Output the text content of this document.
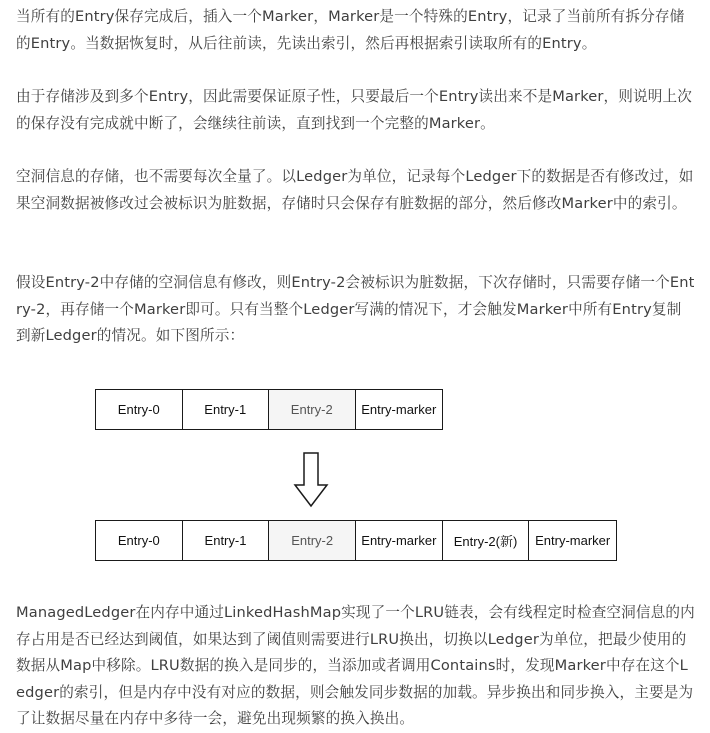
当所有的Entry保存完成后，插入一个Marker，Marker是一个特殊的Entry，记录了当前所有拆分存储的Entry。当数据恢复时，从后往前读，先读出索引，然后再根据索引读取所有的Entry。

由于存储涉及到多个Entry，因此需要保证原子性，只要最后一个Entry读出来不是Marker，则说明上次的保存没有完成就中断了，会继续往前读，直到找到一个完整的Marker。

空洞信息的存储，也不需要每次全量了。以Ledger为单位，记录每个Ledger下的数据是否有修改过，如果空洞数据被修改过会被标识为脏数据，存储时只会保存有脏数据的部分，然后修改Marker中的索引。

假设Entry-2中存储的空洞信息有修改，则Entry-2会被标识为脏数据，下次存储时，只需要存储一个Entry-2，再存储一个Marker即可。只有当整个Ledger写满的情况下，才会触发Marker中所有Entry复制到新Ledger的情况。如下图所示：

Entry-0	Entry-1	Entry-2	Entry-marker
Entry-0	Entry-1	Entry-2	Entry-marker	Entry-2(新)	Entry-marker

ManagedLedger在内存中通过LinkedHashMap实现了一个LRU链表，会有线程定时检查空洞信息的内存占用是否已经达到阈值，如果达到了阈值则需要进行LRU换出，切换以Ledger为单位，把最少使用的数据从Map中移除。LRU数据的换入是同步的，当添加或者调用Contains时，发现Marker中存在这个Ledger的索引，但是内存中没有对应的数据，则会触发同步数据的加载。异步换出和同步换入，主要是为了让数据尽量在内存中多待一会，避免出现频繁的换入换出。
